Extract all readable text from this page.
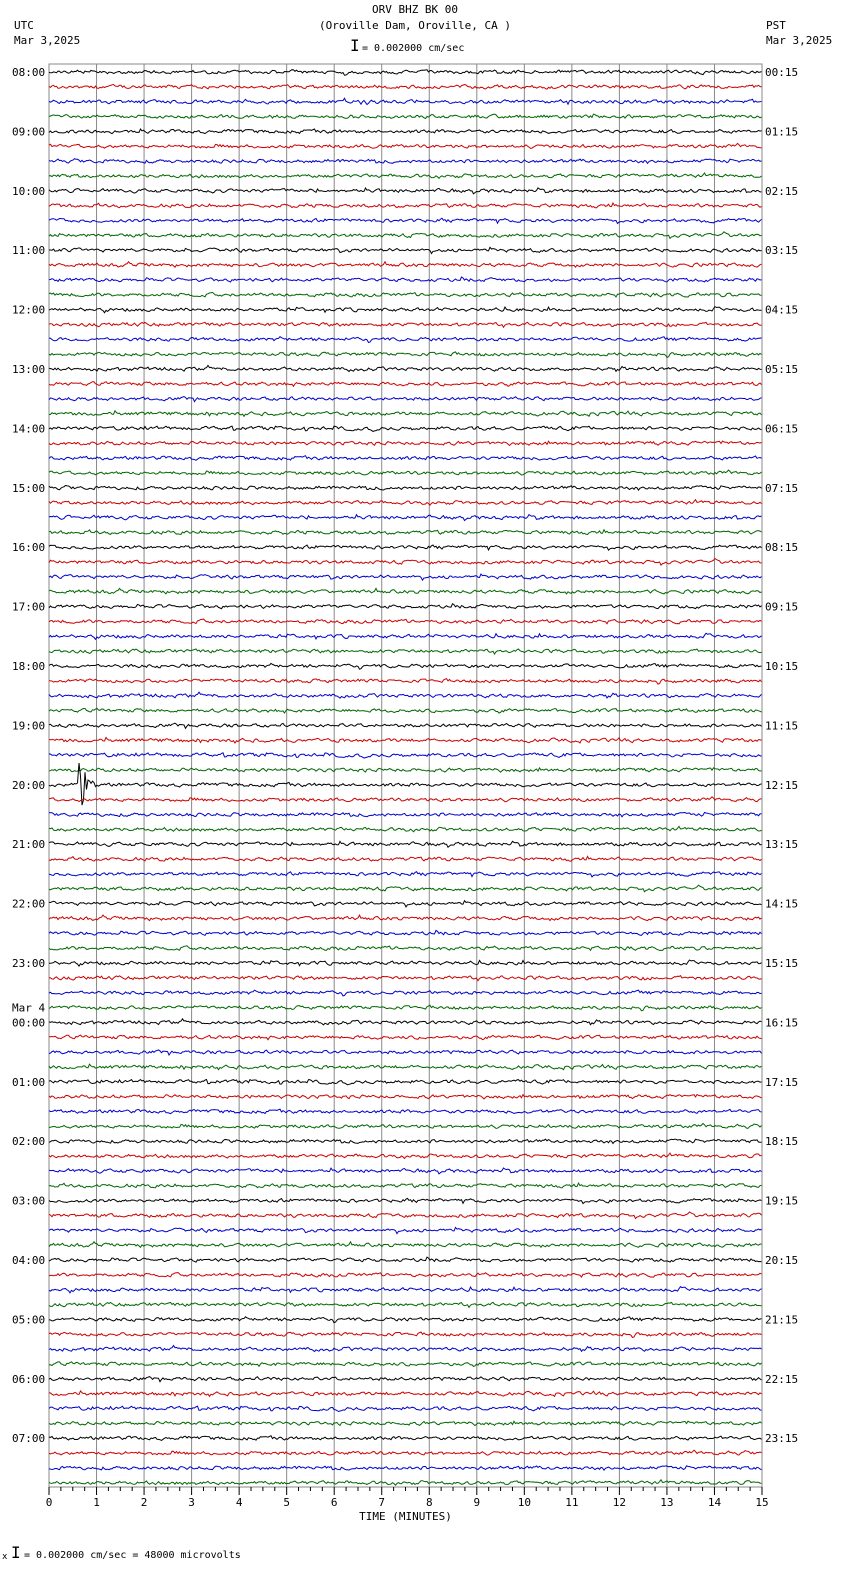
ORV BHZ BK 00
(Oroville Dam, Oroville, CA )
I = 0.002000 cm/sec
UTC
Mar 3,2025
PST
Mar 3,2025
08:00
09:00
10:00
11:00
12:00
13:00
14:00
15:00
16:00
17:00
18:00
19:00
20:00
21:00
22:00
23:00
00:00
01:00
02:00
03:00
04:00
05:00
06:00
07:00
Mar 4
00:15
01:15
02:15
03:15
04:15
05:15
06:15
07:15
08:15
09:15
10:15
11:15
12:15
13:15
14:15
15:15
16:15
17:15
18:15
19:15
20:15
21:15
22:15
23:15
0	1	2	3	4	5	6	7	8	9	10	11	12	13	14	15
TIME (MINUTES)
x I = 0.002000 cm/sec = 48000 microvolts
